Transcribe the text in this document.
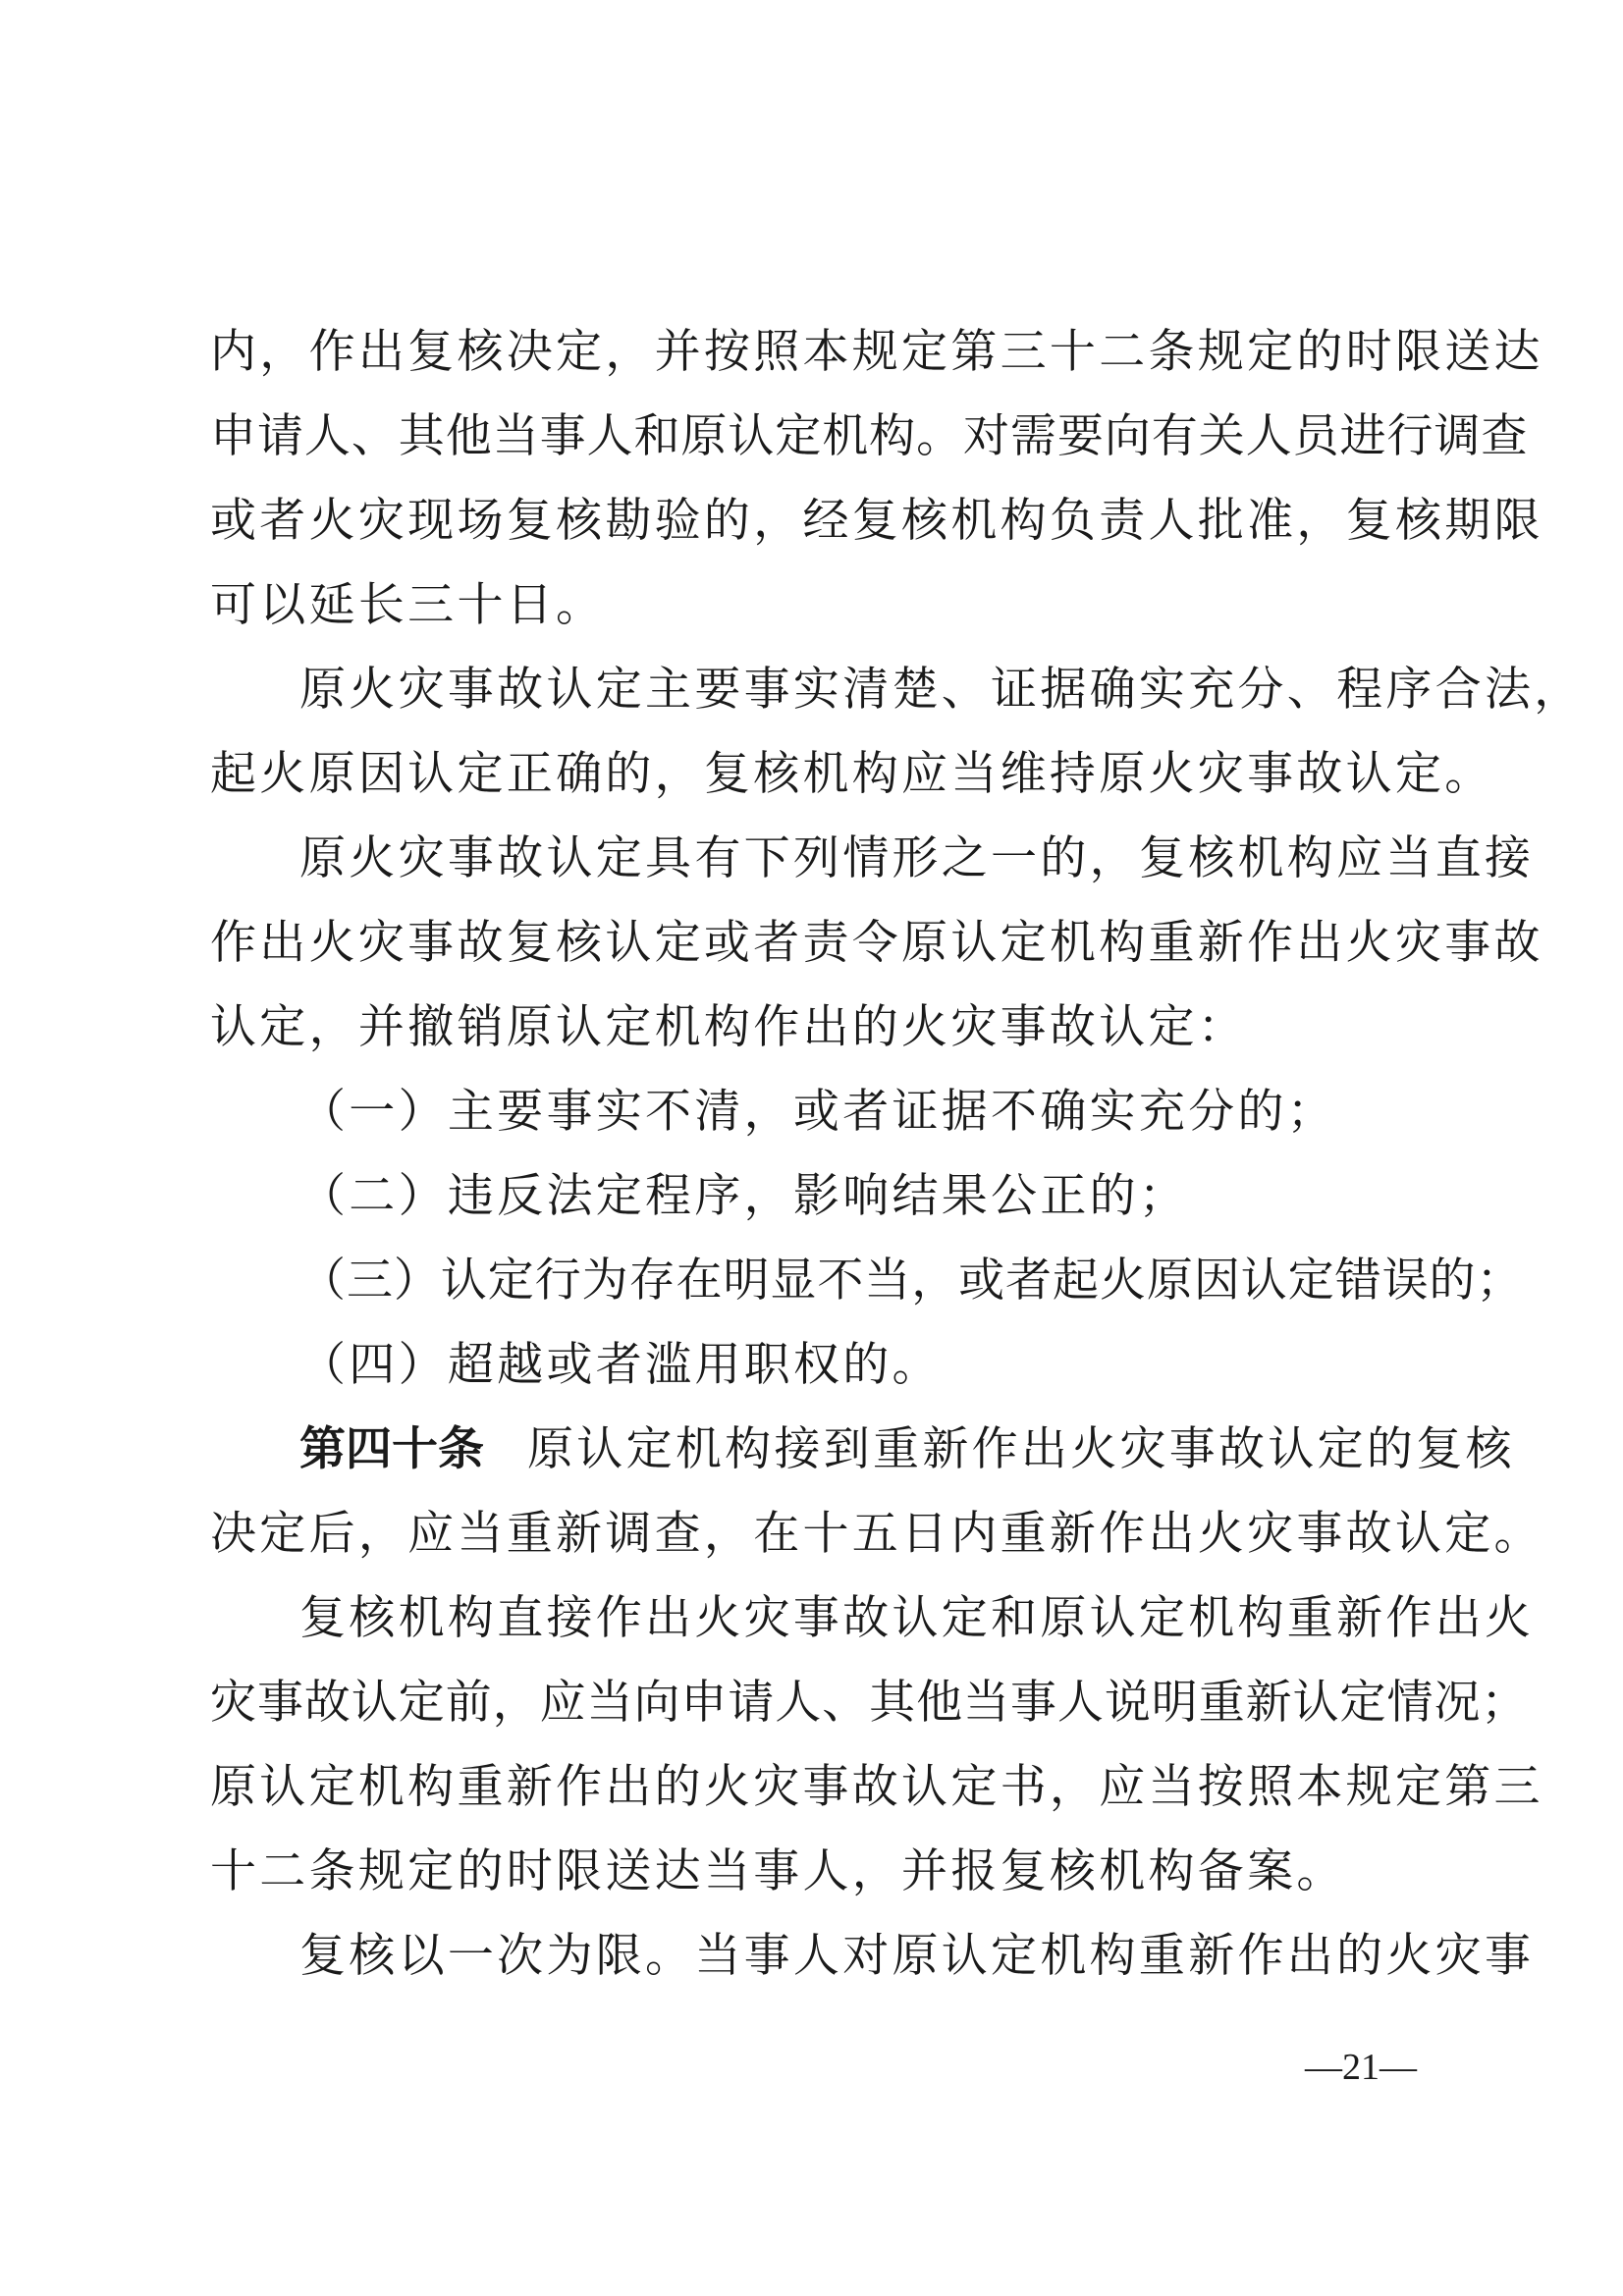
内，作出复核决定，并按照本规定第三十二条规定的时限送达
申请人、其他当事人和原认定机构。对需要向有关人员进行调查
或者火灾现场复核勘验的，经复核机构负责人批准，复核期限
可以延长三十日。
原火灾事故认定主要事实清楚、证据确实充分、程序合法，
起火原因认定正确的，复核机构应当维持原火灾事故认定。
原火灾事故认定具有下列情形之一的，复核机构应当直接
作出火灾事故复核认定或者责令原认定机构重新作出火灾事故
认定，并撤销原认定机构作出的火灾事故认定：
（一）主要事实不清，或者证据不确实充分的；
（二）违反法定程序，影响结果公正的；
（三）认定行为存在明显不当，或者起火原因认定错误的；
（四）超越或者滥用职权的。
第四十条 原认定机构接到重新作出火灾事故认定的复核
决定后，应当重新调查，在十五日内重新作出火灾事故认定。
复核机构直接作出火灾事故认定和原认定机构重新作出火
灾事故认定前，应当向申请人、其他当事人说明重新认定情况；
原认定机构重新作出的火灾事故认定书，应当按照本规定第三
十二条规定的时限送达当事人，并报复核机构备案。
复核以一次为限。当事人对原认定机构重新作出的火灾事
—21—
